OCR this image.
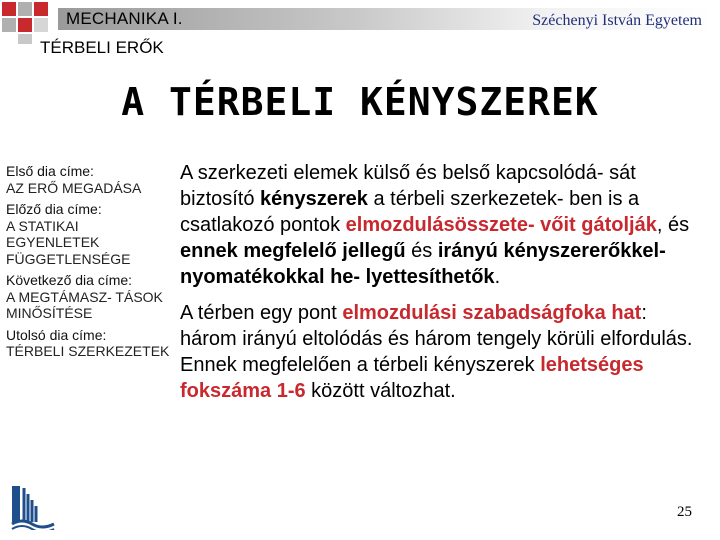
MECHANIKA I.	Széchenyi István Egyetem
TÉRBELI ERŐK
A TÉRBELI KÉNYSZEREK
Első dia címe:
AZ ERŐ MEGADÁSA
Előző dia címe:
A STATIKAI EGYENLETEK FÜGGETLENSÉGE
Következő dia címe:
A MEGTÁMASZ- TÁSOK MINŐSÍTÉSE
Utolsó dia címe:
TÉRBELI SZERKEZETEK

A szerkezeti elemek külső és belső kapcsolódá- sát biztosító kényszerek a térbeli szerkezetek- ben is a csatlakozó pontok elmozdulásösszete- vőit gátolják, és ennek megfelelő jellegű és irányú kényszererőkkel-nyomatékokkal he- lyettesíthetők.

A térben egy pont elmozdulási szabadságfoka hat: három irányú eltolódás és három tengely körüli elfordulás. Ennek megfelelően a térbeli kényszerek lehetséges fokszáma 1-6 között változhat.

25
